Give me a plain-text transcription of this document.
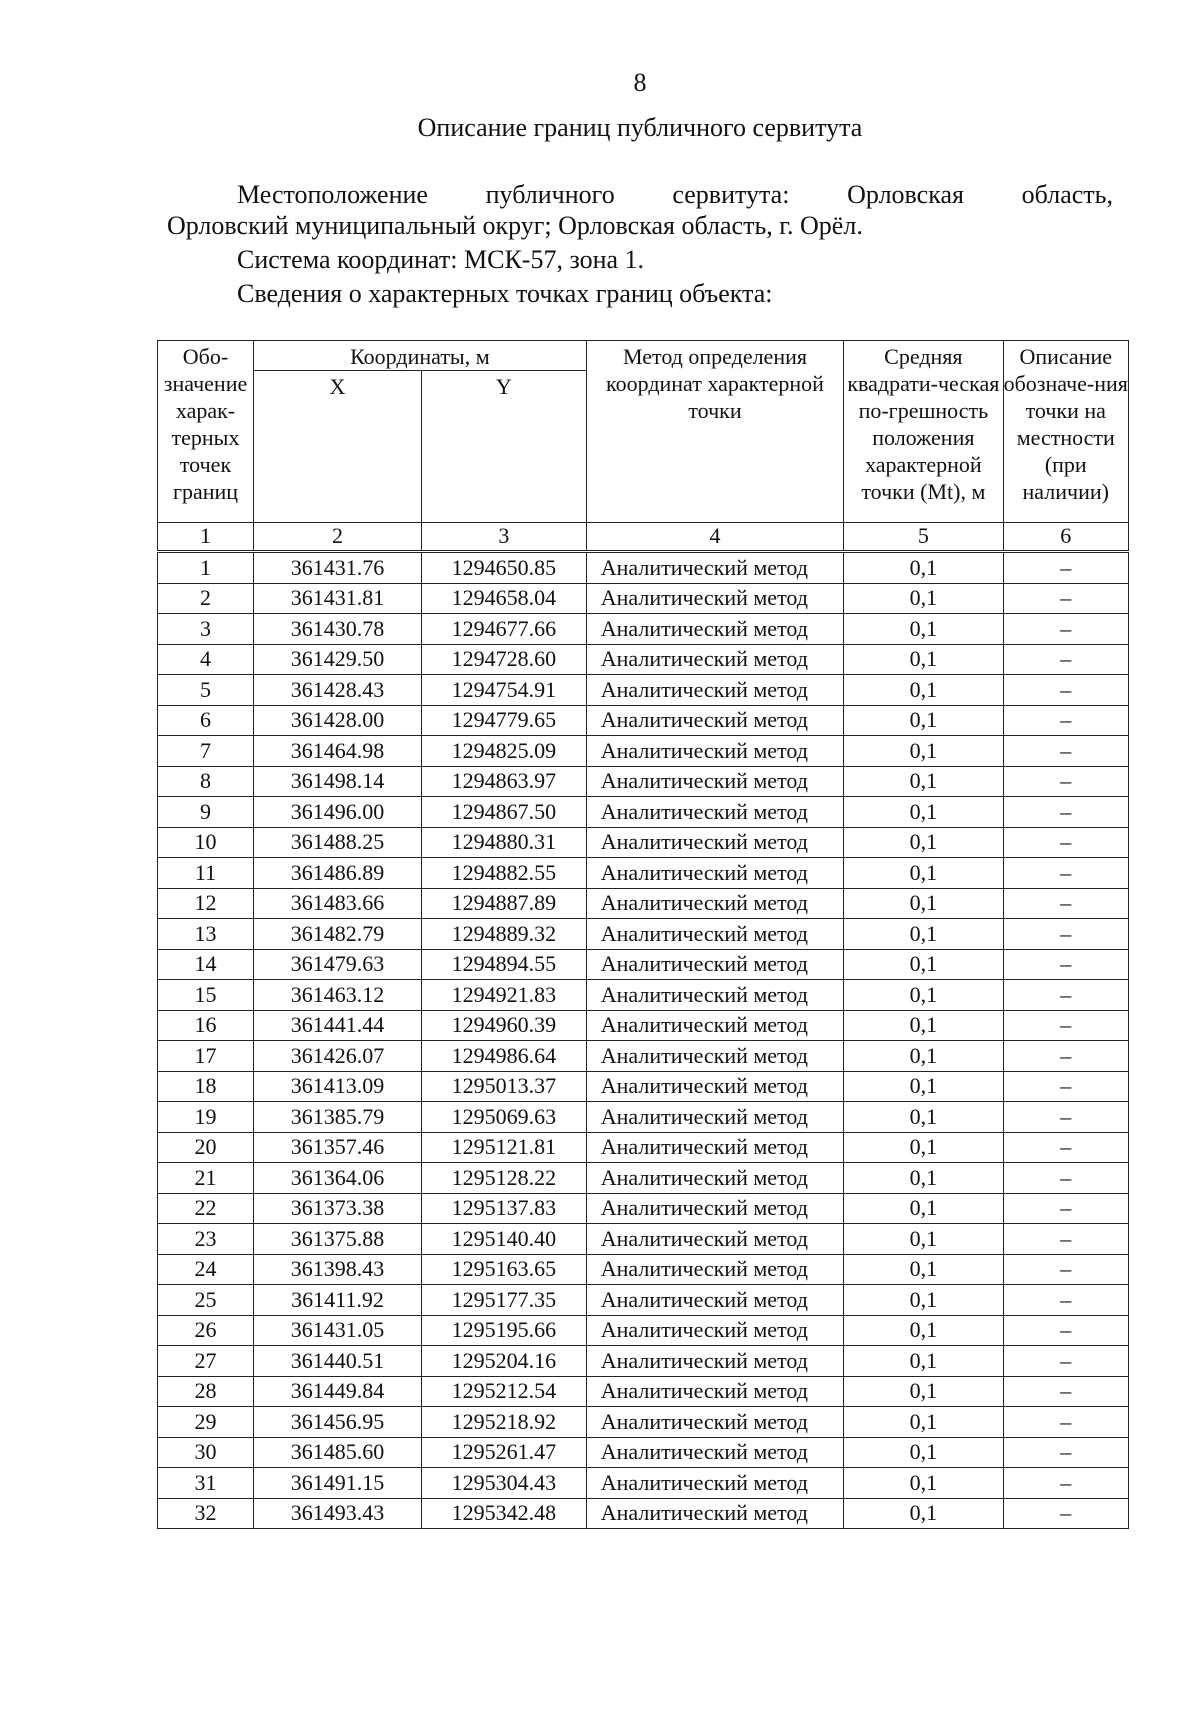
8
Описание границ публичного сервитута
Местоположение публичного сервитута: Орловская область,
Орловский муниципальный округ; Орловская область, г. Орёл.
Система координат: МСК-57, зона 1.
Сведения о характерных точках границ объекта:
Обо-значение харак-терных точек границ	Координаты, м		Метод определения координат характерной точки	Средняя квадрати-ческая по-грешность положения характерной точки (Mt), м	Описание обозначе-ния точки на местности (при наличии)
	X	Y			
1	2	3	4	5	6
1	361431.76	1294650.85	Аналитический метод	0,1	–
2	361431.81	1294658.04	Аналитический метод	0,1	–
3	361430.78	1294677.66	Аналитический метод	0,1	–
4	361429.50	1294728.60	Аналитический метод	0,1	–
5	361428.43	1294754.91	Аналитический метод	0,1	–
6	361428.00	1294779.65	Аналитический метод	0,1	–
7	361464.98	1294825.09	Аналитический метод	0,1	–
8	361498.14	1294863.97	Аналитический метод	0,1	–
9	361496.00	1294867.50	Аналитический метод	0,1	–
10	361488.25	1294880.31	Аналитический метод	0,1	–
11	361486.89	1294882.55	Аналитический метод	0,1	–
12	361483.66	1294887.89	Аналитический метод	0,1	–
13	361482.79	1294889.32	Аналитический метод	0,1	–
14	361479.63	1294894.55	Аналитический метод	0,1	–
15	361463.12	1294921.83	Аналитический метод	0,1	–
16	361441.44	1294960.39	Аналитический метод	0,1	–
17	361426.07	1294986.64	Аналитический метод	0,1	–
18	361413.09	1295013.37	Аналитический метод	0,1	–
19	361385.79	1295069.63	Аналитический метод	0,1	–
20	361357.46	1295121.81	Аналитический метод	0,1	–
21	361364.06	1295128.22	Аналитический метод	0,1	–
22	361373.38	1295137.83	Аналитический метод	0,1	–
23	361375.88	1295140.40	Аналитический метод	0,1	–
24	361398.43	1295163.65	Аналитический метод	0,1	–
25	361411.92	1295177.35	Аналитический метод	0,1	–
26	361431.05	1295195.66	Аналитический метод	0,1	–
27	361440.51	1295204.16	Аналитический метод	0,1	–
28	361449.84	1295212.54	Аналитический метод	0,1	–
29	361456.95	1295218.92	Аналитический метод	0,1	–
30	361485.60	1295261.47	Аналитический метод	0,1	–
31	361491.15	1295304.43	Аналитический метод	0,1	–
32	361493.43	1295342.48	Аналитический метод	0,1	–
